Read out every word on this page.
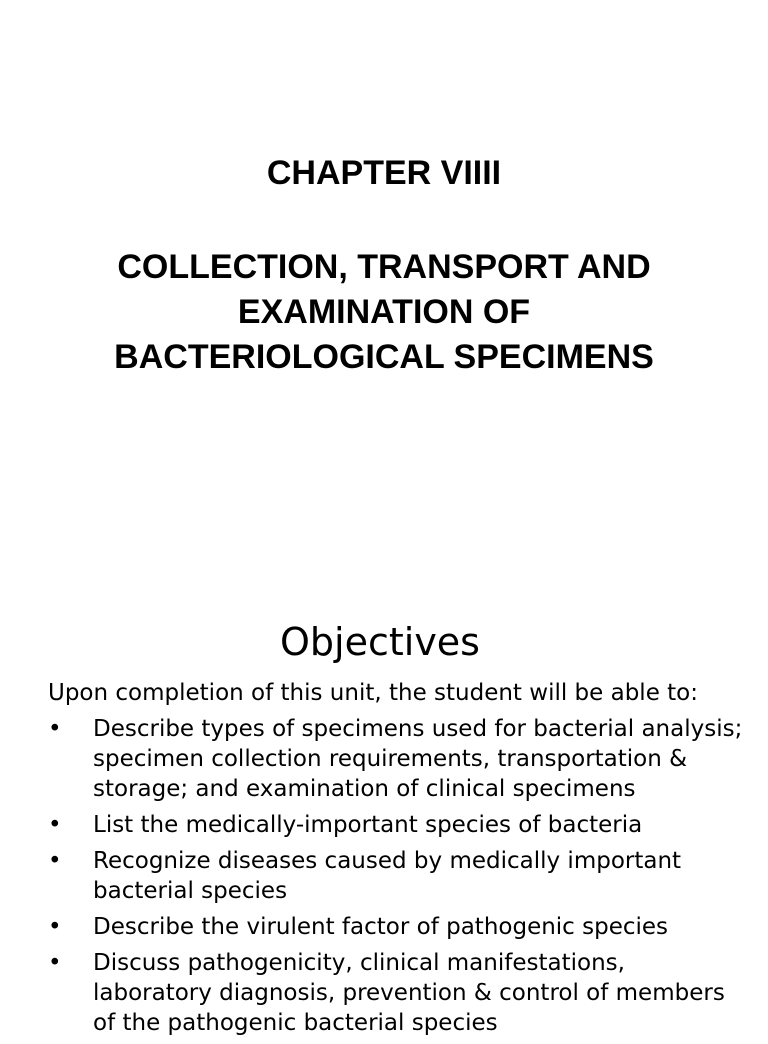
CHAPTER VIIII
COLLECTION, TRANSPORT AND
EXAMINATION OF
BACTERIOLOGICAL SPECIMENS
Objectives

Upon completion of this unit, the student will be able to:

• Describe types of specimens used for bacterial analysis;
specimen collection requirements, transportation &
storage; and examination of clinical specimens
• List the medically-important species of bacteria
• Recognize diseases caused by medically important
bacterial species
• Describe the virulent factor of pathogenic species
• Discuss pathogenicity, clinical manifestations,
laboratory diagnosis, prevention & control of members
of the pathogenic bacterial species
